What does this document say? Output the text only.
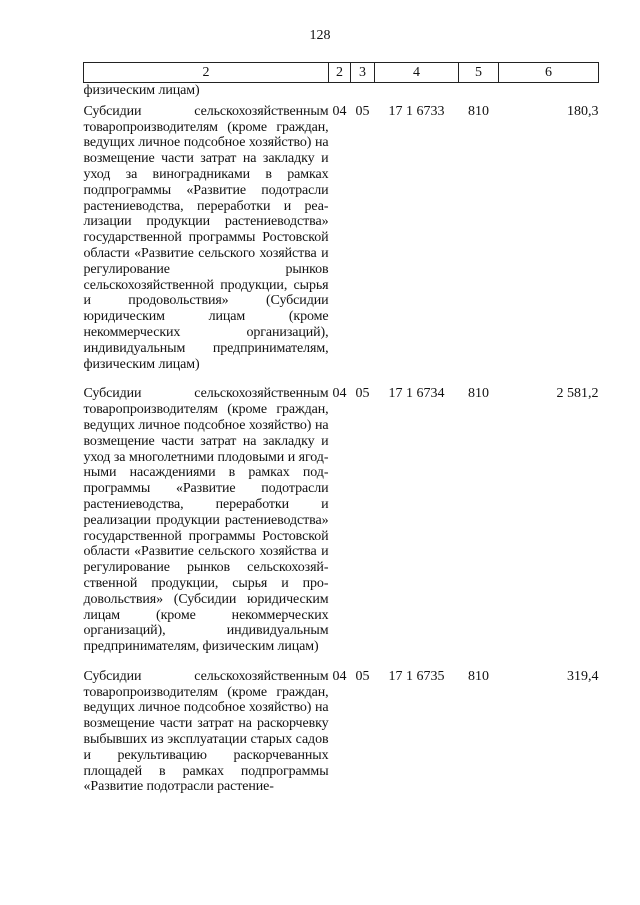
128
2	2	3	4	5	6
физическим лицам)					
Субсидии сельскохозяйственным товаропроизводителям (кроме граждан, ведущих личное подсобное хозяйство) на возмещение части затрат на закладку и уход за виноградниками в рамках подпрограммы «Развитие подотрасли растениеводства, переработки и реализации продукции растениеводства» государственной программы Ростовской области «Развитие сельского хозяйства и регулирование рынков сельскохозяйственной продукции, сырья и продовольствия» (Субсидии юридическим лицам (кроме некоммерческих организаций), индивидуальным предпринимателям, физическим лицам)	04	05	17 1 6733	810	180,3
Субсидии сельскохозяйственным товаропроизводителям (кроме граждан, ведущих личное подсобное хозяйство) на возмещение части затрат на закладку и уход за многолетними плодовыми и ягодными насаждениями в рамках подпрограммы «Развитие подотрасли растениеводства, переработки и реализации продукции растениеводства» государственной программы Ростовской области «Развитие сельского хозяйства и регулирование рынков сельскохозяйственной продукции, сырья и продовольствия» (Субсидии юридическим лицам (кроме некоммерческих организаций), индивидуальным предпринимателям, физическим лицам)	04	05	17 1 6734	810	2 581,2
Субсидии сельскохозяйственным товаропроизводителям (кроме граждан, ведущих личное подсобное хозяйство) на возмещение части затрат на раскорчевку выбывших из эксплуатации старых садов и рекультивацию раскорчеванных площадей в рамках подпрограммы «Развитие подотрасли растение-	04	05	17 1 6735	810	319,4
